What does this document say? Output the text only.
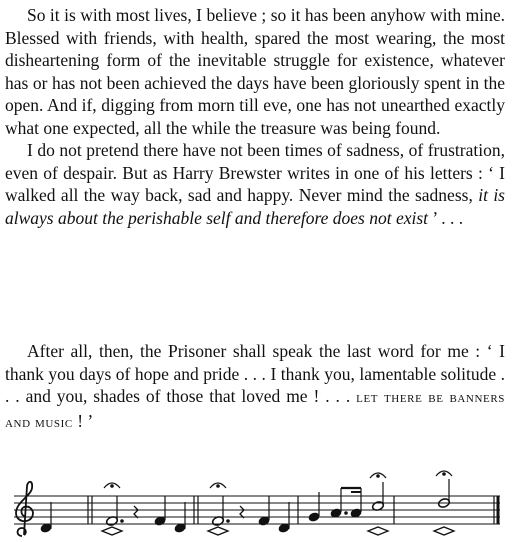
So it is with most lives, I believe ; so it has been anyhow with mine. Blessed with friends, with health, spared the most wearing, the most disheartening form of the inevitable struggle for existence, whatever has or has not been achieved the days have been gloriously spent in the open. And if, digging from morn till eve, one has not unearthed exactly what one expected, all the while the treasure was being found.

I do not pretend there have not been times of sadness, of frustration, even of despair. But as Harry Brewster writes in one of his letters : ‘ I walked all the way back, sad and happy. Never mind the sadness, it is always about the perishable self and therefore does not exist ’ . . .

After all, then, the Prisoner shall speak the last word for me : ‘ I thank you days of hope and pride . . . I thank you, lamentable solitude . . . and you, shades of those that loved me ! . . . let there be banners and music ! ’
